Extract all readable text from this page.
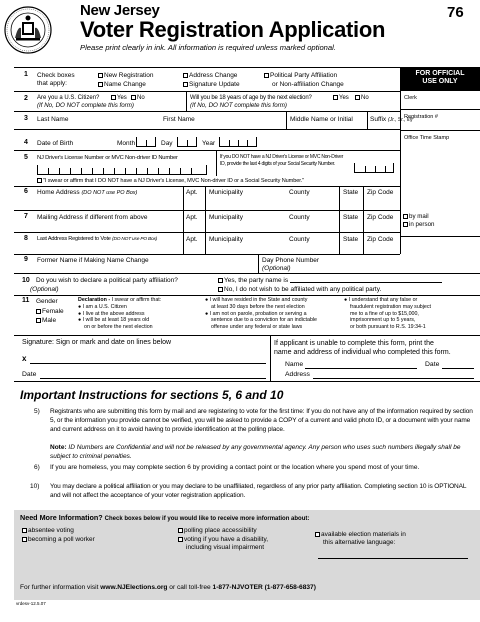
New Jersey
Voter Registration Application
76
Please print clearly in ink. All information is required unless marked optional.
FOR OFFICIAL
USE ONLY
Clerk
Registration #
Office Time Stamp
by mail
in person
1 Check boxes
that apply:
New Registration
Name Change
Address Change
Signature Update
Political Party Affiliation
or Non-affiliation Change
2 Are you a U.S. Citizen?	Yes	No
(If No, DO NOT complete this form)
Will you be 18 years of age by the next election?	Yes	No
(If No, DO NOT complete this form)
3 Last Name	First Name	Middle Name or Initial	Suffix (Jr., Sr., III)
4 Date of Birth	Month	Day	Year
5 NJ Driver's License Number or MVC Non-driver ID Number	If you DO NOT have a NJ Driver's License or MVC Non-Driver
ID, provide the last 4 digits of your Social Security Number.
"I swear or affirm that I DO NOT have a NJ Driver's License, MVC Non-driver ID or a Social Security Number."
6 Home Address (DO NOT use PO Box)	Apt. Municipality	County	State Zip Code
7 Mailing Address if different from above	Apt. Municipality	County	State Zip Code
8 Last Address Registered to Vote (DO NOT use PO Box)	Apt. Municipality	County	State Zip Code
9 Former Name if Making Name Change	Day Phone Number
(Optional)
10 Do you wish to declare a political party affiliation?
(Optional)
Yes, the party name is
No, I do not wish to be affiliated with any political party.
11 Gender
Female
Male
Declaration - I swear or affirm that:
● I am a U.S. Citizen
● I live at the above address
● I will be at least 18 years old
on or before the next election
● I will have resided in the State and county
at least 30 days before the next election
● I am not on parole, probation or serving a
sentence due to a conviction for an indictable
offense under any federal or state laws
● I understand that any false or
fraudulent registration may subject
me to a fine of up to $15,000,
imprisonment up to 5 years,
or both pursuant to R.S. 19:34-1
Signature: Sign or mark and date on lines below
x
Date
If applicant is unable to complete this form, print the
name and address of individual who completed this form.
Name	Date
Address
Important Instructions for sections 5, 6 and 10
5) Registrants who are submitting this form by mail and are registering to vote for the first time: If you do not have any of the information required by section 5, or the information you provide cannot be verified, you will be asked to provide a COPY of a current and valid photo ID, or a document with your name and current address on it to avoid having to provide identification at the polling place.
Note: ID Numbers are Confidential and will not be released by any governmental agency. Any person who uses such numbers illegally shall be subject to criminal penalties.
6) If you are homeless, you may complete section 6 by providing a contact point or the location where you spend most of your time.
10) You may declare a political affiliation or you may declare to be unaffiliated, regardless of any prior party affiliation. Completing section 10 is OPTIONAL and will not affect the acceptance of your voter registration application.
Need More Information? Check boxes below if you would like to receive more information about:
absentee voting
becoming a poll worker
polling place accessibility
voting if you have a disability,
including visual impairment
available election materials in
this alternative language:
For further information visit www.NJElections.org or call toll-free 1-877-NJVOTER (1-877-658-6837)
vrdesv-12.5.07
